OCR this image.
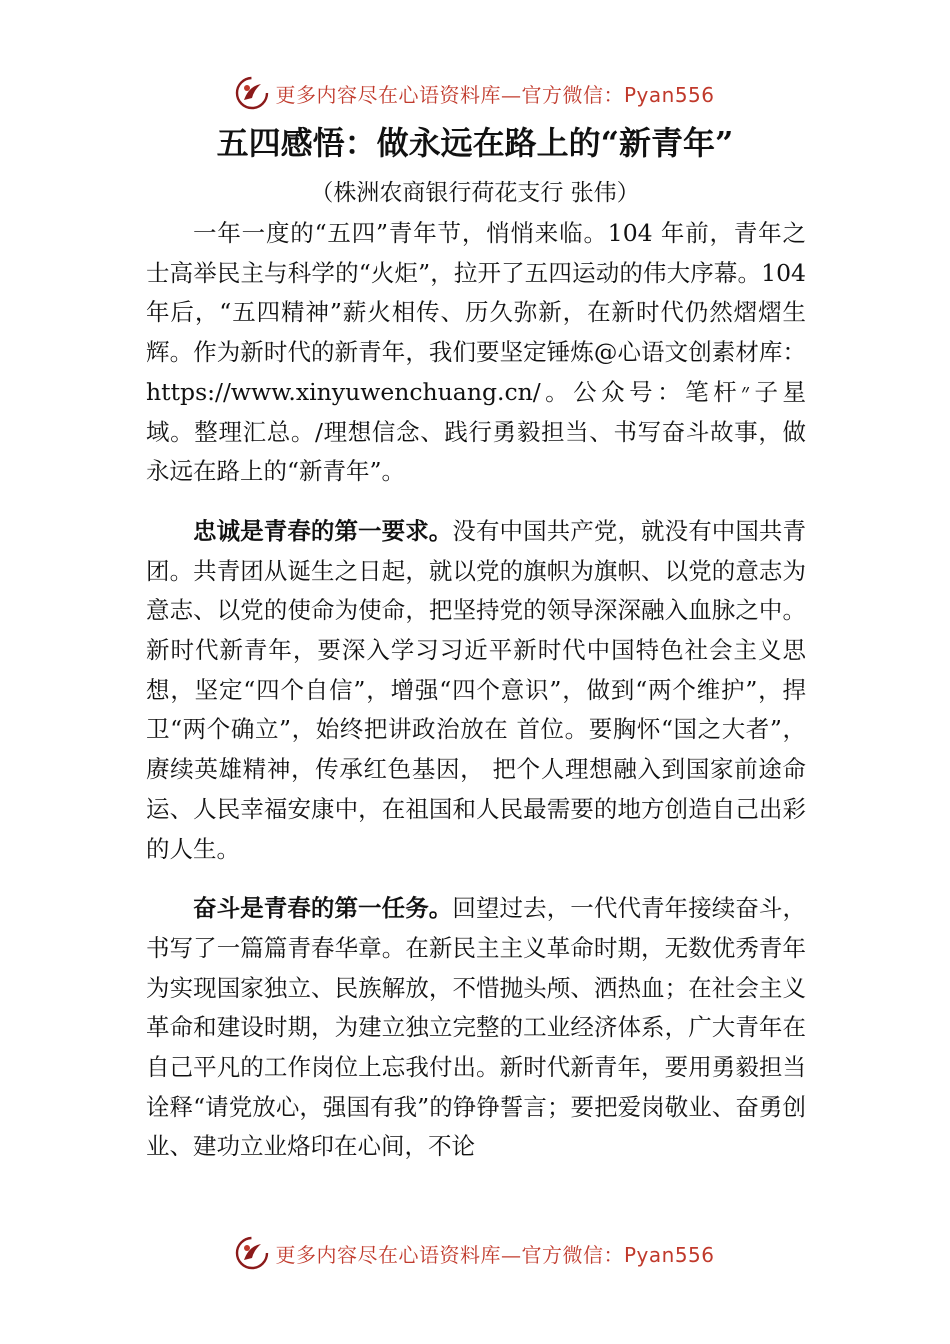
更多内容尽在心语资料库—官方微信：Pyan556
五四感悟：做永远在路上的“新青年”
（株洲农商银行荷花支行 张伟）

一年一度的“五四”青年节，悄悄来临。104 年前，青年之士高举民主与科学的“火炬”，拉开了五四运动的伟大序幕。104 年后，“五四精神”薪火相传、历久弥新，在新时代仍然熠熠生辉。作为新时代的新青年，我们要坚定锤炼@心语文创素材库：https://www.xinyuwenchuang.cn/。公众号：笔杆״子星域。整理汇总。/理想信念、践行勇毅担当、书写奋斗故事，做永远在路上的“新青年”。

忠诚是青春的第一要求。没有中国共产党，就没有中国共青团。共青团从诞生之日起，就以党的旗帜为旗帜、以党的意志为意志、以党的使命为使命，把坚持党的领导深深融入血脉之中。新时代新青年，要深入学习习近平新时代中国特色社会主义思想，坚定“四个自信”，增强“四个意识”，做到“两个维护”，捍卫“两个确立”，始终把讲政治放在 首位。要胸怀“国之大者”，赓续英雄精神，传承红色基因， 把个人理想融入到国家前途命运、人民幸福安康中，在祖国和人民最需要的地方创造自己出彩的人生。

奋斗是青春的第一任务。回望过去，一代代青年接续奋斗，书写了一篇篇青春华章。在新民主主义革命时期，无数优秀青年为实现国家独立、民族解放，不惜抛头颅、洒热血；在社会主义革命和建设时期，为建立独立完整的工业经济体系，广大青年在自己平凡的工作岗位上忘我付出。新时代新青年，要用勇毅担当诠释“请党放心，强国有我”的铮铮誓言；要把爱岗敬业、奋勇创业、建功立业烙印在心间，不论

更多内容尽在心语资料库—官方微信：Pyan556
